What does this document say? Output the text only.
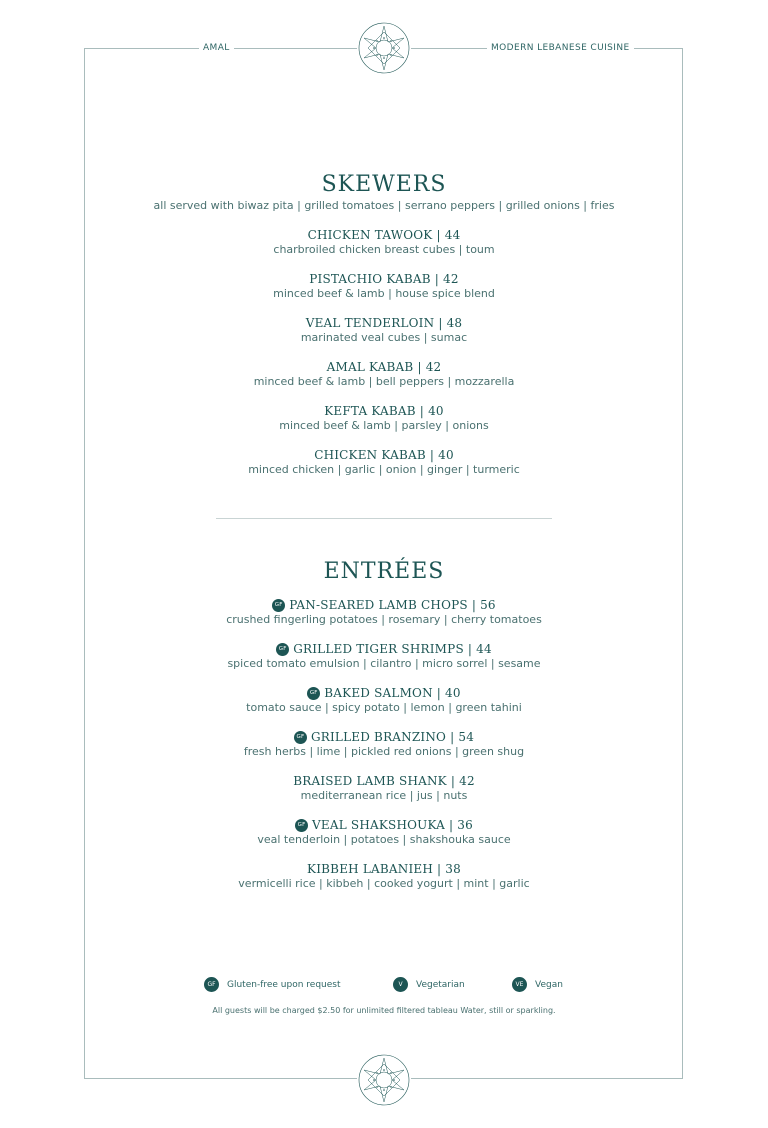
AMAL	MODERN LEBANESE CUISINE
SKEWERS
all served with biwaz pita | grilled tomatoes | serrano peppers | grilled onions | fries
CHICKEN TAWOOK | 44
charbroiled chicken breast cubes | toum
PISTACHIO KABAB | 42
minced beef & lamb | house spice blend
VEAL TENDERLOIN | 48
marinated veal cubes | sumac
AMAL KABAB | 42
minced beef & lamb | bell peppers | mozzarella
KEFTA KABAB | 40
minced beef & lamb | parsley | onions
CHICKEN KABAB | 40
minced chicken | garlic | onion | ginger | turmeric
ENTRÉES
GF PAN-SEARED LAMB CHOPS | 56
crushed fingerling potatoes | rosemary | cherry tomatoes
GF GRILLED TIGER SHRIMPS | 44
spiced tomato emulsion | cilantro | micro sorrel | sesame
GF BAKED SALMON | 40
tomato sauce | spicy potato | lemon | green tahini
GF GRILLED BRANZINO | 54
fresh herbs | lime | pickled red onions | green shug
BRAISED LAMB SHANK | 42
mediterranean rice | jus | nuts
GF VEAL SHAKSHOUKA | 36
veal tenderloin | potatoes | shakshouka sauce
KIBBEH LABANIEH | 38
vermicelli rice | kibbeh | cooked yogurt | mint | garlic
GF	Gluten-free upon request	V	Vegetarian	VE	Vegan
All guests will be charged $2.50 for unlimited filtered tableau Water, still or sparkling.
